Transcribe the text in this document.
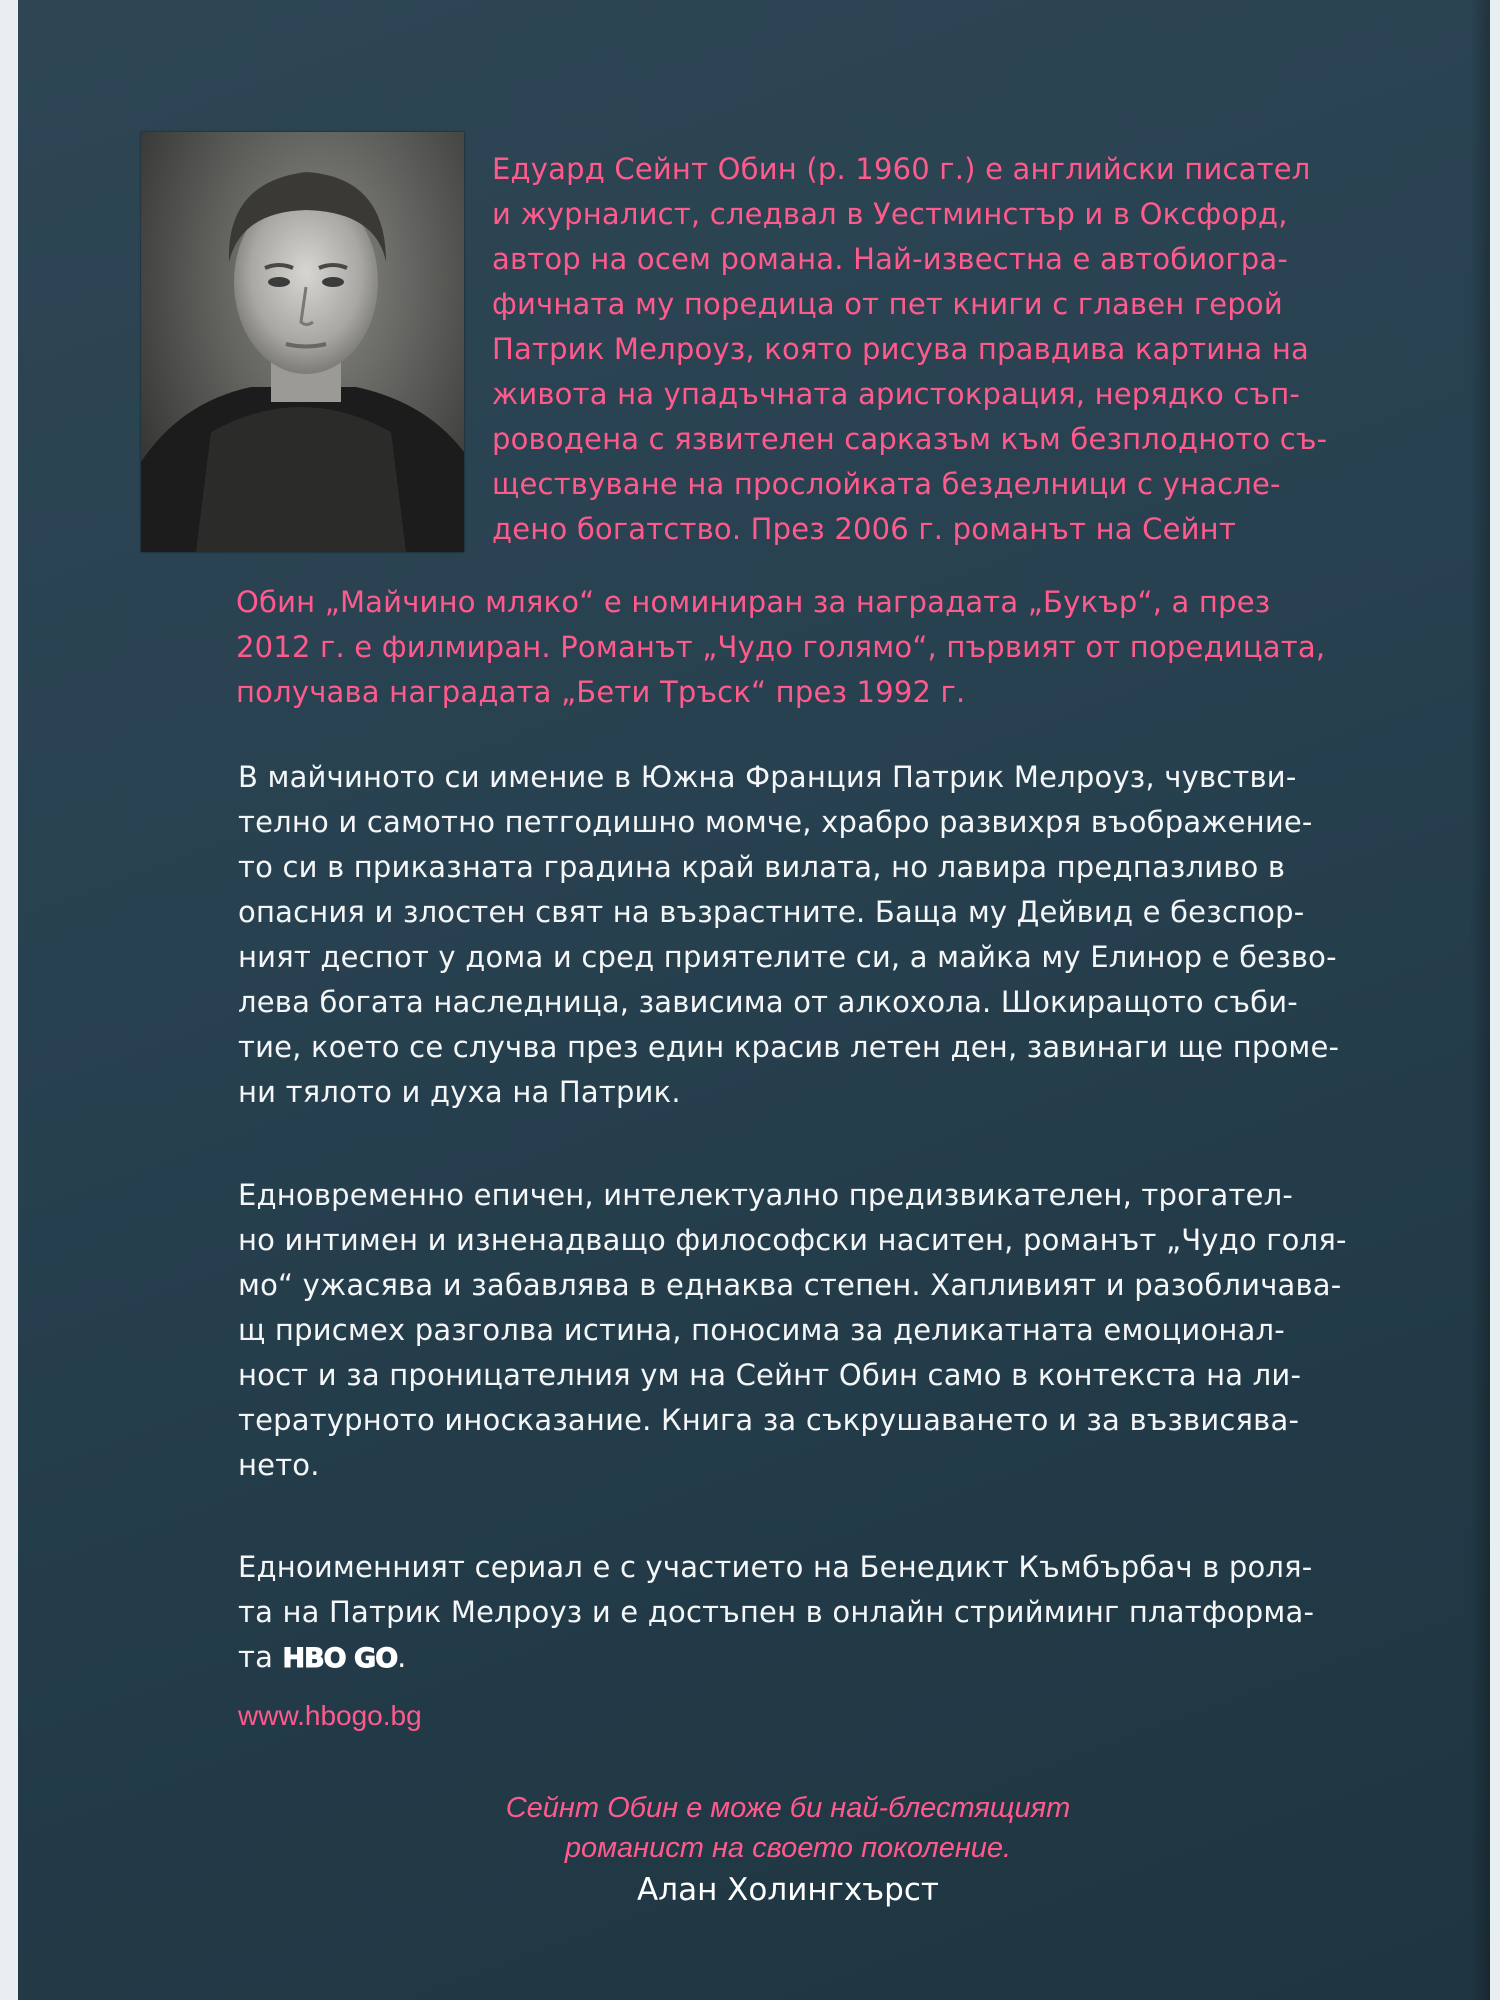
Едуард Сейнт Обин (р. 1960 г.) е английски писател
и журналист, следвал в Уестминстър и в Оксфорд,
автор на осем романа. Най-известна е автобиогра-
фичната му поредица от пет книги с главен герой
Патрик Мелроуз, която рисува правдива картина на
живота на упадъчната аристокрация, нерядко съп-
роводена с язвителен сарказъм към безплодното съ-
ществуване на прослойката безделници с унасле-
дено богатство. През 2006 г. романът на Сейнт
Обин „Майчино мляко“ е номиниран за наградата „Букър“, а през
2012 г. е филмиран. Романът „Чудо голямо“, първият от поредицата,
получава наградата „Бети Тръск“ през 1992 г.
В майчиното си имение в Южна Франция Патрик Мелроуз, чувстви-
телно и самотно петгодишно момче, храбро развихря въображение-
то си в приказната градина край вилата, но лавира предпазливо в
опасния и злостен свят на възрастните. Баща му Дейвид е безспор-
ният деспот у дома и сред приятелите си, а майка му Елинор е безво-
лева богата наследница, зависима от алкохола. Шокиращото съби-
тие, което се случва през един красив летен ден, завинаги ще проме-
ни тялото и духа на Патрик.
Едновременно епичен, интелектуално предизвикателен, трогател-
но интимен и изненадващо философски наситен, романът „Чудо голя-
мо“ ужасява и забавлява в еднаква степен. Хапливият и разобличава-
щ присмех разголва истина, поносима за деликатната емоционал-
ност и за проницателния ум на Сейнт Обин само в контекста на ли-
тературното иносказание. Книга за съкрушаването и за възвисява-
нето.
Едноименният сериал е с участието на Бенедикт Къмбърбач в роля-
та на Патрик Мелроуз и е достъпен в онлайн стрийминг платформа-
та HBO GO.
www.hbogo.bg
Сейнт Обин е може би най-блестящият
романист на своето поколение.
Алан Холингхърст
